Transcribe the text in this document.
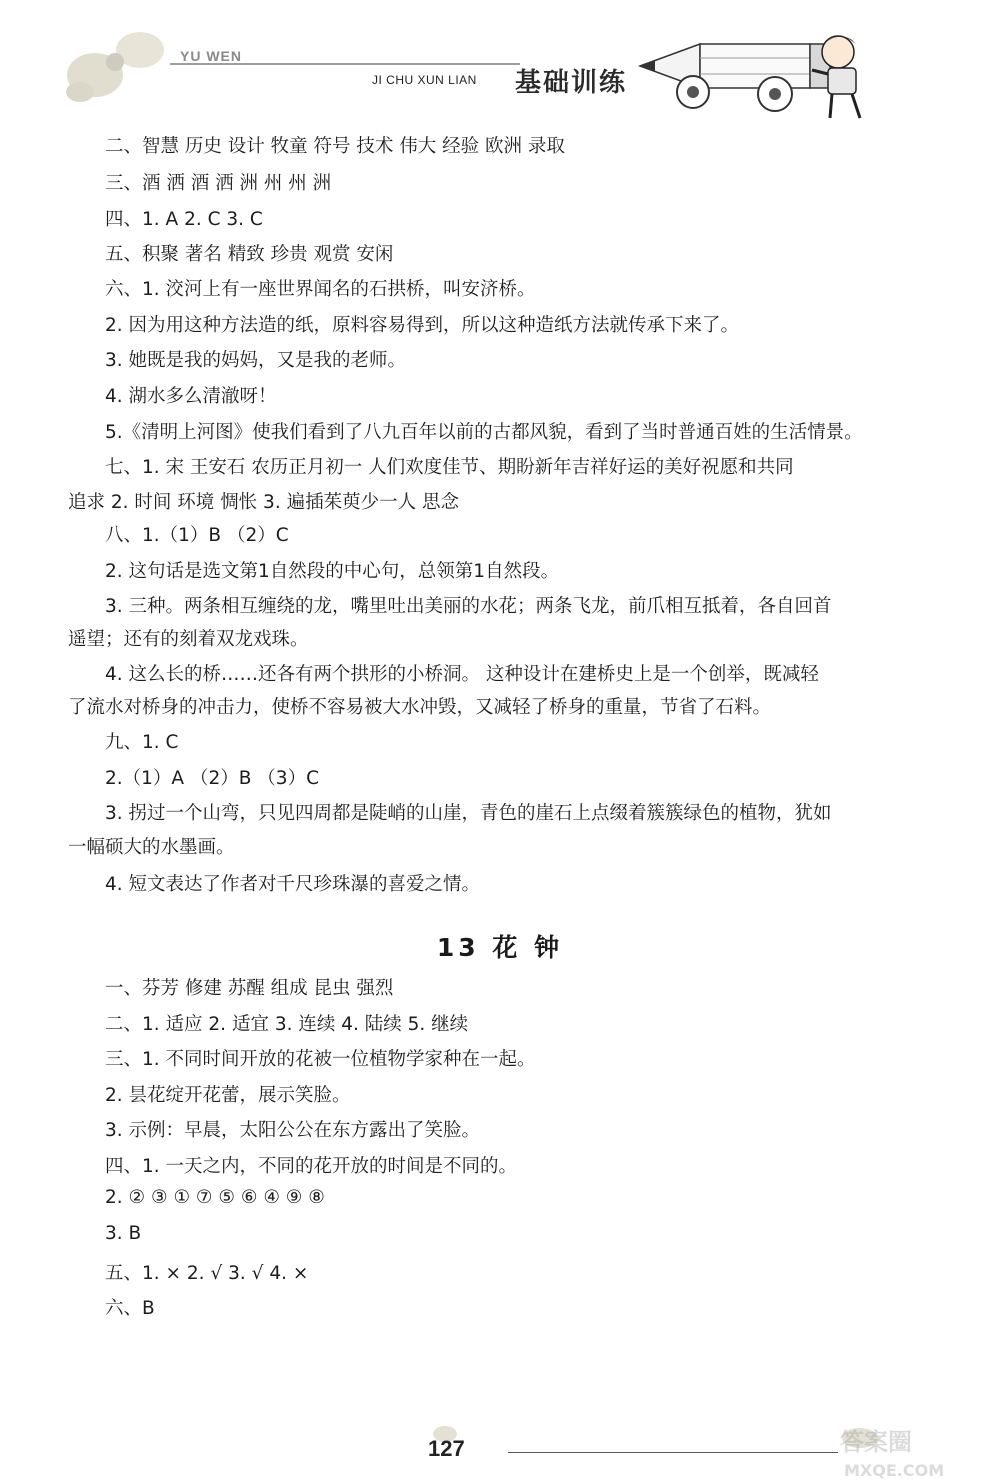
YU WEN
JI CHU XUN LIAN 基础训练
二、智慧 历史 设计 牧童 符号 技术 伟大 经验 欧洲 录取
三、酒 洒 酒 洒 洲 州 州 洲
四、1. A 2. C 3. C
五、积聚 著名 精致 珍贵 观赏 安闲
六、1. 洨河上有一座世界闻名的石拱桥，叫安济桥。
2. 因为用这种方法造的纸，原料容易得到，所以这种造纸方法就传承下来了。
3. 她既是我的妈妈，又是我的老师。
4. 湖水多么清澈呀！
5.《清明上河图》使我们看到了八九百年以前的古都风貌，看到了当时普通百姓的生活情景。
七、1. 宋 王安石 农历正月初一 人们欢度佳节、期盼新年吉祥好运的美好祝愿和共同
追求 2. 时间 环境 惆怅 3. 遍插茱萸少一人 思念
八、1.（1）B （2）C
2. 这句话是选文第1自然段的中心句，总领第1自然段。
3. 三种。两条相互缠绕的龙，嘴里吐出美丽的水花；两条飞龙，前爪相互抵着，各自回首
遥望；还有的刻着双龙戏珠。
4. 这么长的桥……还各有两个拱形的小桥洞。 这种设计在建桥史上是一个创举，既减轻
了流水对桥身的冲击力，使桥不容易被大水冲毁，又减轻了桥身的重量，节省了石料。
九、1. C
2.（1）A （2）B （3）C
3. 拐过一个山弯，只见四周都是陡峭的山崖，青色的崖石上点缀着簇簇绿色的植物，犹如
一幅硕大的水墨画。
4. 短文表达了作者对千尺珍珠瀑的喜爱之情。
13 花 钟
一、芬芳 修建 苏醒 组成 昆虫 强烈
二、1. 适应 2. 适宜 3. 连续 4. 陆续 5. 继续
三、1. 不同时间开放的花被一位植物学家种在一起。
2. 昙花绽开花蕾，展示笑脸。
3. 示例：早晨，太阳公公在东方露出了笑脸。
四、1. 一天之内，不同的花开放的时间是不同的。
2. ② ③ ① ⑦ ⑤ ⑥ ④ ⑨ ⑧
3. B
五、1. × 2. √ 3. √ 4. ×
六、B
答案圈
MXQE.COM
127
